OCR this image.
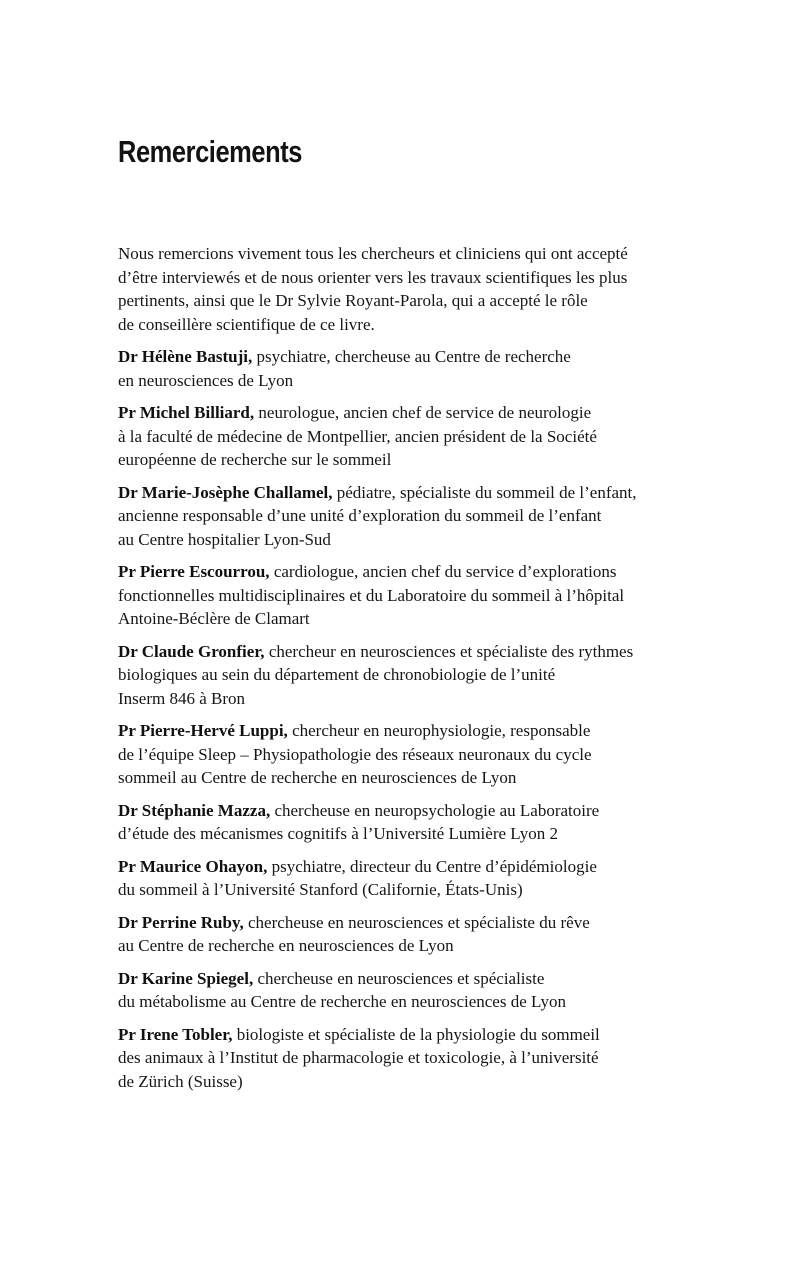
Remerciements

Nous remercions vivement tous les chercheurs et cliniciens qui ont accepté
d’être interviewés et de nous orienter vers les travaux scientifiques les plus
pertinents, ainsi que le Dr Sylvie Royant-Parola, qui a accepté le rôle
de conseillère scientifique de ce livre.

Dr Hélène Bastuji, psychiatre, chercheuse au Centre de recherche
en neurosciences de Lyon

Pr Michel Billiard, neurologue, ancien chef de service de neurologie
à la faculté de médecine de Montpellier, ancien président de la Société
européenne de recherche sur le sommeil

Dr Marie-Josèphe Challamel, pédiatre, spécialiste du sommeil de l’enfant,
ancienne responsable d’une unité d’exploration du sommeil de l’enfant
au Centre hospitalier Lyon-Sud

Pr Pierre Escourrou, cardiologue, ancien chef du service d’explorations
fonctionnelles multidisciplinaires et du Laboratoire du sommeil à l’hôpital
Antoine-Béclère de Clamart

Dr Claude Gronfier, chercheur en neurosciences et spécialiste des rythmes
biologiques au sein du département de chronobiologie de l’unité
Inserm 846 à Bron

Pr Pierre-Hervé Luppi, chercheur en neurophysiologie, responsable
de l’équipe Sleep – Physiopathologie des réseaux neuronaux du cycle
sommeil au Centre de recherche en neurosciences de Lyon

Dr Stéphanie Mazza, chercheuse en neuropsychologie au Laboratoire
d’étude des mécanismes cognitifs à l’Université Lumière Lyon 2

Pr Maurice Ohayon, psychiatre, directeur du Centre d’épidémiologie
du sommeil à l’Université Stanford (Californie, États-Unis)

Dr Perrine Ruby, chercheuse en neurosciences et spécialiste du rêve
au Centre de recherche en neurosciences de Lyon

Dr Karine Spiegel, chercheuse en neurosciences et spécialiste
du métabolisme au Centre de recherche en neurosciences de Lyon

Pr Irene Tobler, biologiste et spécialiste de la physiologie du sommeil
des animaux à l’Institut de pharmacologie et toxicologie, à l’université
de Zürich (Suisse)
